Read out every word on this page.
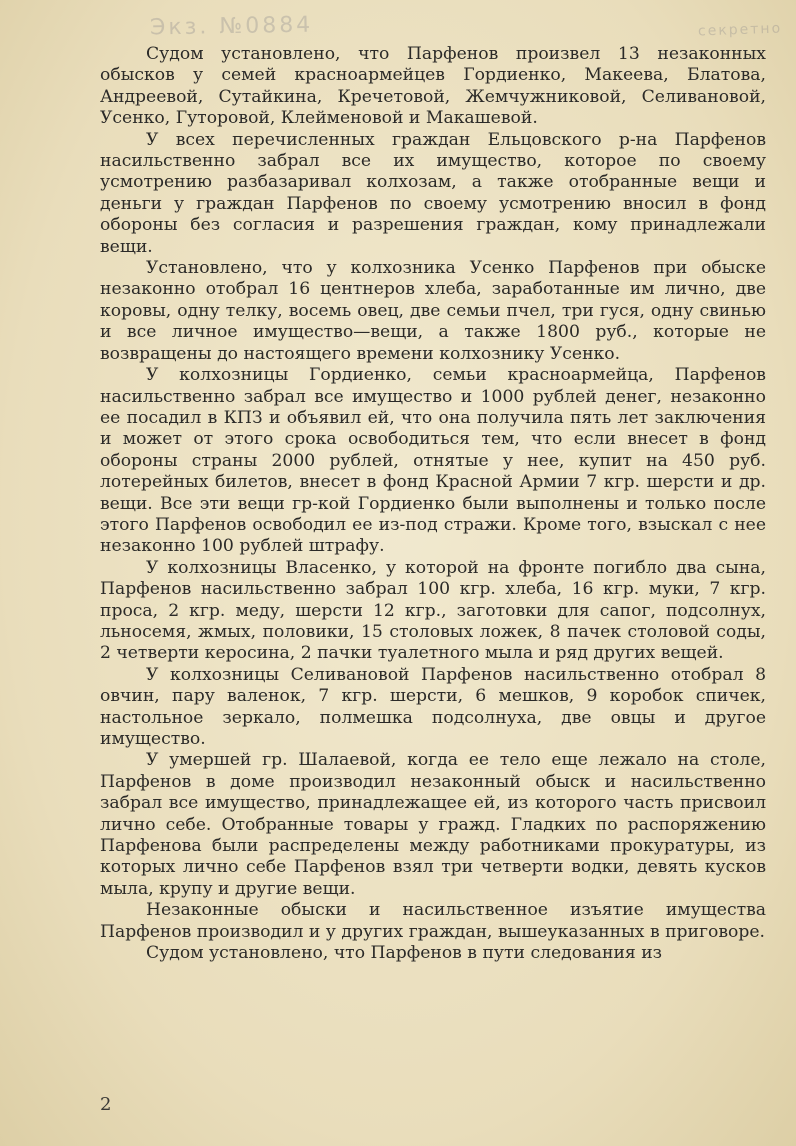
Экз. №0884	секретно

Судом установлено, что Парфенов произвел 13 незаконных обысков у семей красноармейцев Гордиенко, Макеева, Блатова, Андреевой, Сутайкина, Кречетовой, Жемчужниковой, Селивановой, Усенко, Гуторовой, Клейменовой и Макашевой.

У всех перечисленных граждан Ельцовского р-на Парфенов насильственно забрал все их имущество, которое по своему усмотрению разбазаривал колхозам, а также отобранные вещи и деньги у граждан Парфенов по своему усмотрению вносил в фонд обороны без согласия и разрешения граждан, кому принадлежали вещи.

Установлено, что у колхозника Усенко Парфенов при обыске незаконно отобрал 16 центнеров хлеба, заработанные им лично, две коровы, одну телку, восемь овец, две семьи пчел, три гуся, одну свинью и все личное имущество—вещи, а также 1800 руб., которые не возвращены до настоящего времени колхознику Усенко.

У колхозницы Гордиенко, семьи красноармейца, Парфенов насильственно забрал все имущество и 1000 рублей денег, незаконно ее посадил в КПЗ и объявил ей, что она получила пять лет заключения и может от этого срока освободиться тем, что если внесет в фонд обороны страны 2000 рублей, отнятые у нее, купит на 450 руб. лотерейных билетов, внесет в фонд Красной Армии 7 кгр. шерсти и др. вещи. Все эти вещи гр-кой Гордиенко были выполнены и только после этого Парфенов освободил ее из-под стражи. Кроме того, взыскал с нее незаконно 100 рублей штрафу.

У колхозницы Власенко, у которой на фронте погибло два сына, Парфенов насильственно забрал 100 кгр. хлеба, 16 кгр. муки, 7 кгр. проса, 2 кгр. меду, шерсти 12 кгр., заготовки для сапог, подсолнух, льносемя, жмых, половики, 15 столовых ложек, 8 пачек столовой соды, 2 четверти керосина, 2 пачки туалетного мыла и ряд других вещей.

У колхозницы Селивановой Парфенов насильственно отобрал 8 овчин, пару валенок, 7 кгр. шерсти, 6 мешков, 9 коробок спичек, настольное зеркало, полмешка подсолнуха, две овцы и другое имущество.

У умершей гр. Шалаевой, когда ее тело еще лежало на столе, Парфенов в доме производил незаконный обыск и насильственно забрал все имущество, принадлежащее ей, из которого часть присвоил лично себе. Отобранные товары у гражд. Гладких по распоряжению Парфенова были распределены между работниками прокуратуры, из которых лично себе Парфенов взял три четверти водки, девять кусков мыла, крупу и другие вещи.

Незаконные обыски и насильственное изъятие имущества Парфенов производил и у других граждан, вышеуказанных в приговоре.

Судом установлено, что Парфенов в пути следования из

2
